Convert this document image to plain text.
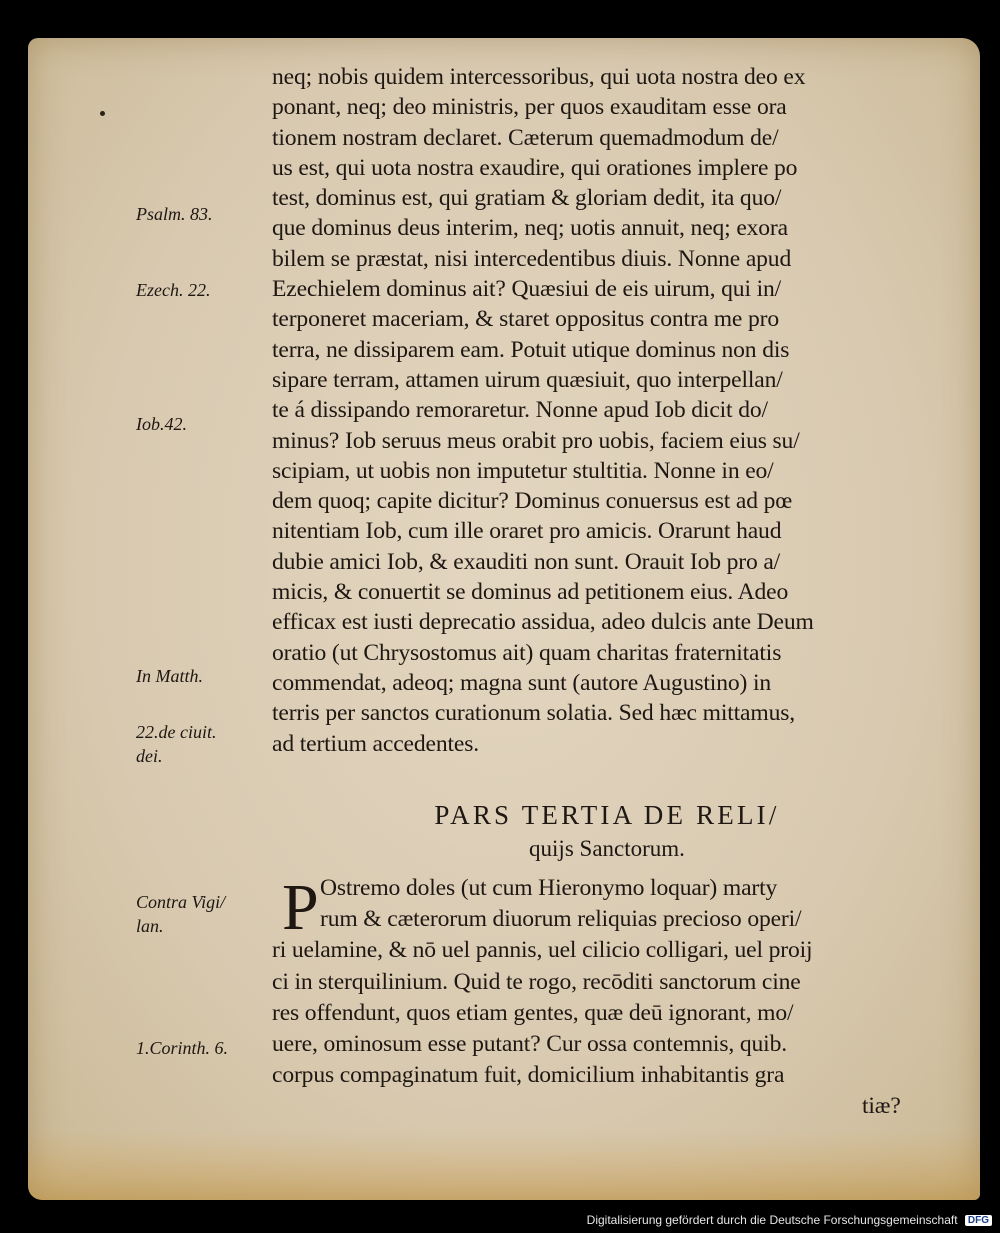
neq; nobis quidem intercessoribus, qui uota nostra deo ex
ponant, neq; deo ministris, per quos exauditam esse ora
tionem nostram declaret. Cæterum quemadmodum de/
us est, qui uota nostra exaudire, qui orationes implere po
test, dominus est, qui gratiam & gloriam dedit, ita quo/
que dominus deus interim, neq; uotis annuit, neq; exora
bilem se præstat, nisi intercedentibus diuis. Nonne apud
Ezechielem dominus ait? Quæsiui de eis uirum, qui in/
terponeret maceriam, & staret oppositus contra me pro
terra, ne dissiparem eam. Potuit utique dominus non dis
sipare terram, attamen uirum quæsiuit, quo interpellan/
te á dissipando remoraretur. Nonne apud Iob dicit do/
minus? Iob seruus meus orabit pro uobis, faciem eius su/
scipiam, ut uobis non imputetur stultitia. Nonne in eo/
dem quoq; capite dicitur? Dominus conuersus est ad pœ
nitentiam Iob, cum ille oraret pro amicis. Orarunt haud
dubie amici Iob, & exauditi non sunt. Orauit Iob pro a/
micis, & conuertit se dominus ad petitionem eius. Adeo
efficax est iusti deprecatio assidua, adeo dulcis ante Deum
oratio (ut Chrysostomus ait) quam charitas fraternitatis
commendat, adeoq; magna sunt (autore Augustino) in
terris per sanctos curationum solatia. Sed hæc mittamus,
ad tertium accedentes.
PARS TERTIA DE RELI/
quijs Sanctorum.
P Ostremo doles (ut cum Hieronymo loquar) marty
rum & cæterorum diuorum reliquias precioso operi/
ri uelamine, & nō uel pannis, uel cilicio colligari, uel proij
ci in sterquilinium. Quid te rogo, recōditi sanctorum cine
res offendunt, quos etiam gentes, quæ deū ignorant, mo/
uere, ominosum esse putant? Cur ossa contemnis, quib.
corpus compaginatum fuit, domicilium inhabitantis gra
tiæ?
Psalm. 83.
Ezech. 22.
Iob.42.
In Matth.
22.de ciuit.
dei.
Contra Vigi/
lan.
1.Corinth. 6.
Digitalisierung gefördert durch die Deutsche Forschungsgemeinschaft DFG
